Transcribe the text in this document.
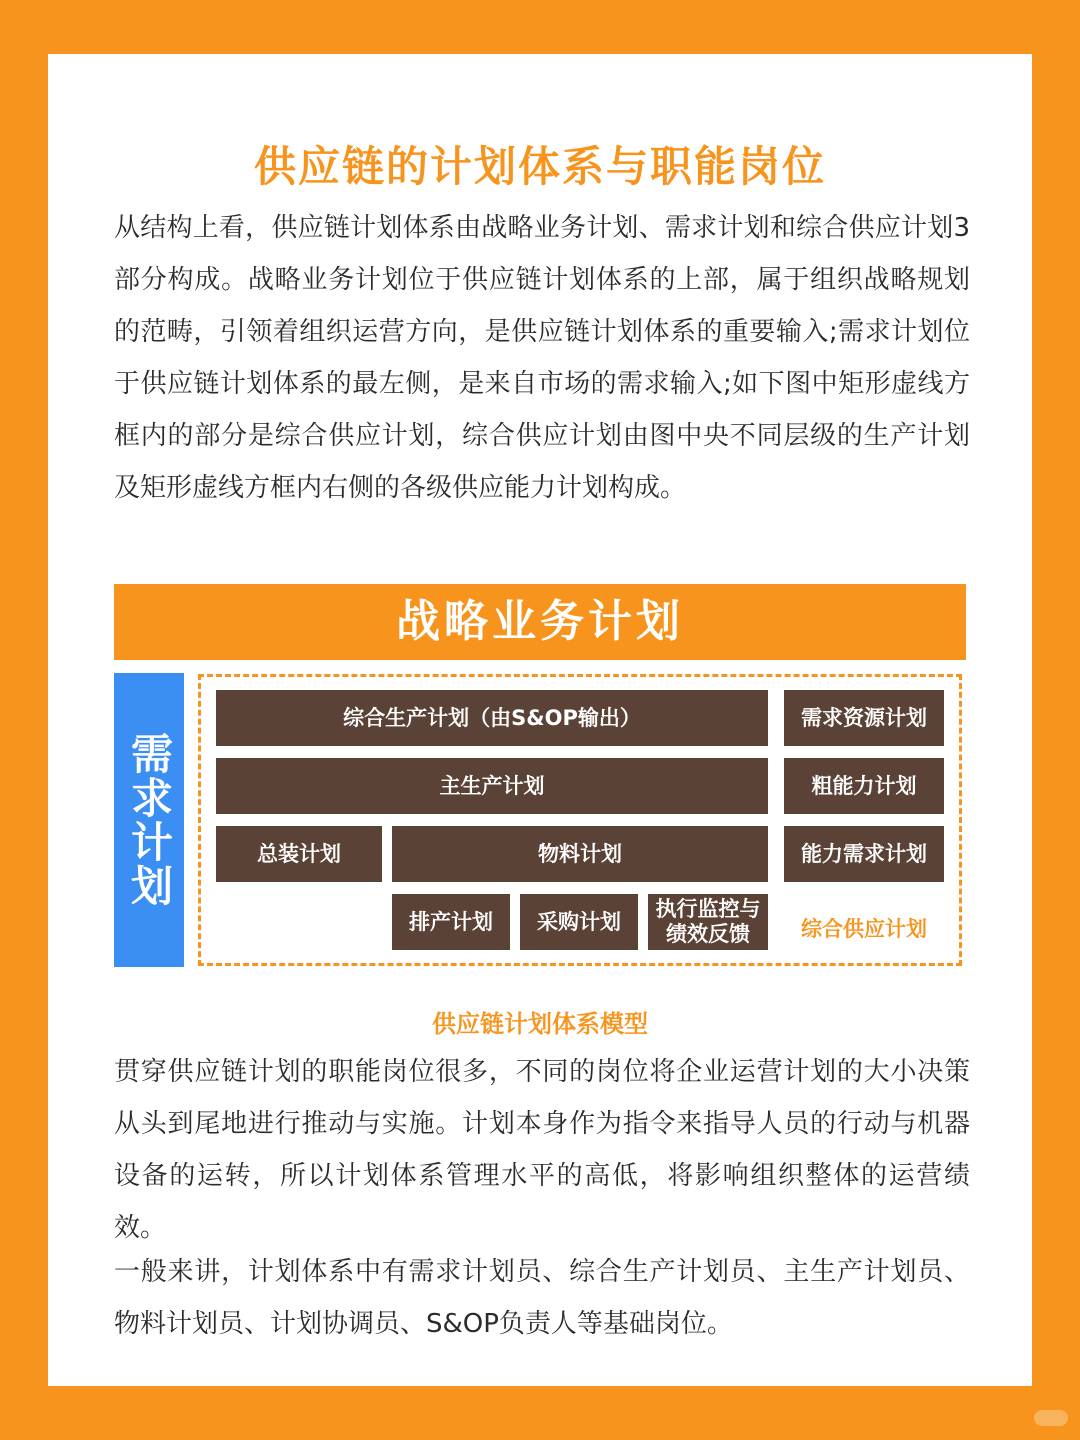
供应链的计划体系与职能岗位

从结构上看，供应链计划体系由战略业务计划、需求计划和综合供应计划3部分构成。战略业务计划位于供应链计划体系的上部，属于组织战略规划的范畴，引领着组织运营方向，是供应链计划体系的重要输入;需求计划位于供应链计划体系的最左侧，是来自市场的需求输入;如下图中矩形虚线方框内的部分是综合供应计划，综合供应计划由图中央不同层级的生产计划及矩形虚线方框内右侧的各级供应能力计划构成。

战略业务计划
需求计划
综合生产计划（由S&OP输出）
主生产计划
总装计划	物料计划
排产计划	采购计划
执行监控与绩效反馈
需求资源计划
粗能力计划
能力需求计划
综合供应计划
供应链计划体系模型

贯穿供应链计划的职能岗位很多，不同的岗位将企业运营计划的大小决策从头到尾地进行推动与实施。计划本身作为指令来指导人员的行动与机器设备的运转，所以计划体系管理水平的高低，将影响组织整体的运营绩效。

一般来讲，计划体系中有需求计划员、综合生产计划员、主生产计划员、物料计划员、计划协调员、S&OP负责人等基础岗位。
